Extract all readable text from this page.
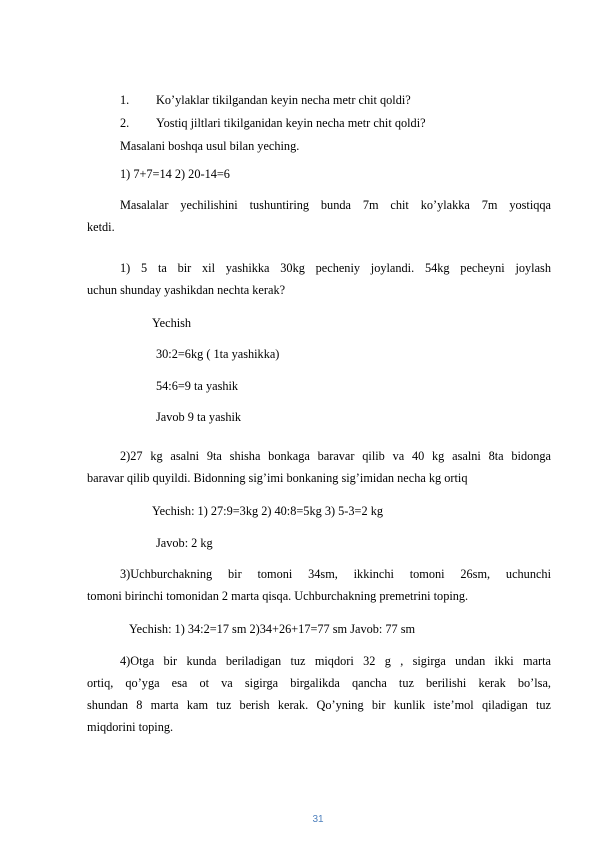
1. Ko’ylaklar tikilgandan keyin necha metr chit qoldi?
2. Yostiq jiltlari tikilganidan keyin necha metr chit qoldi?
Masalani boshqa usul bilan yeching.
1) 7+7=14 2) 20-14=6
Masalalar yechilishini tushuntiring bunda 7m chit ko’ylakka 7m yostiqqa
ketdi.
1) 5 ta bir xil yashikka 30kg pecheniy joylandi. 54kg pecheyni joylash
uchun shunday yashikdan nechta kerak?
Yechish
30:2=6kg ( 1ta yashikka)
54:6=9 ta yashik
Javob 9 ta yashik
2)27 kg asalni 9ta shisha bonkaga baravar qilib va 40 kg asalni 8ta bidonga
baravar qilib quyildi. Bidonning sig’imi bonkaning sig’imidan necha kg ortiq
Yechish: 1) 27:9=3kg 2) 40:8=5kg 3) 5-3=2 kg
Javob: 2 kg
3)Uchburchakning bir tomoni 34sm, ikkinchi tomoni 26sm, uchunchi
tomoni birinchi tomonidan 2 marta qisqa. Uchburchakning premetrini toping.
Yechish: 1) 34:2=17 sm 2)34+26+17=77 sm Javob: 77 sm
4)Otga bir kunda beriladigan tuz miqdori 32 g , sigirga undan ikki marta
ortiq, qo’yga esa ot va sigirga birgalikda qancha tuz berilishi kerak bo’lsa,
shundan 8 marta kam tuz berish kerak. Qo’yning bir kunlik iste’mol qiladigan tuz
miqdorini toping.
31
